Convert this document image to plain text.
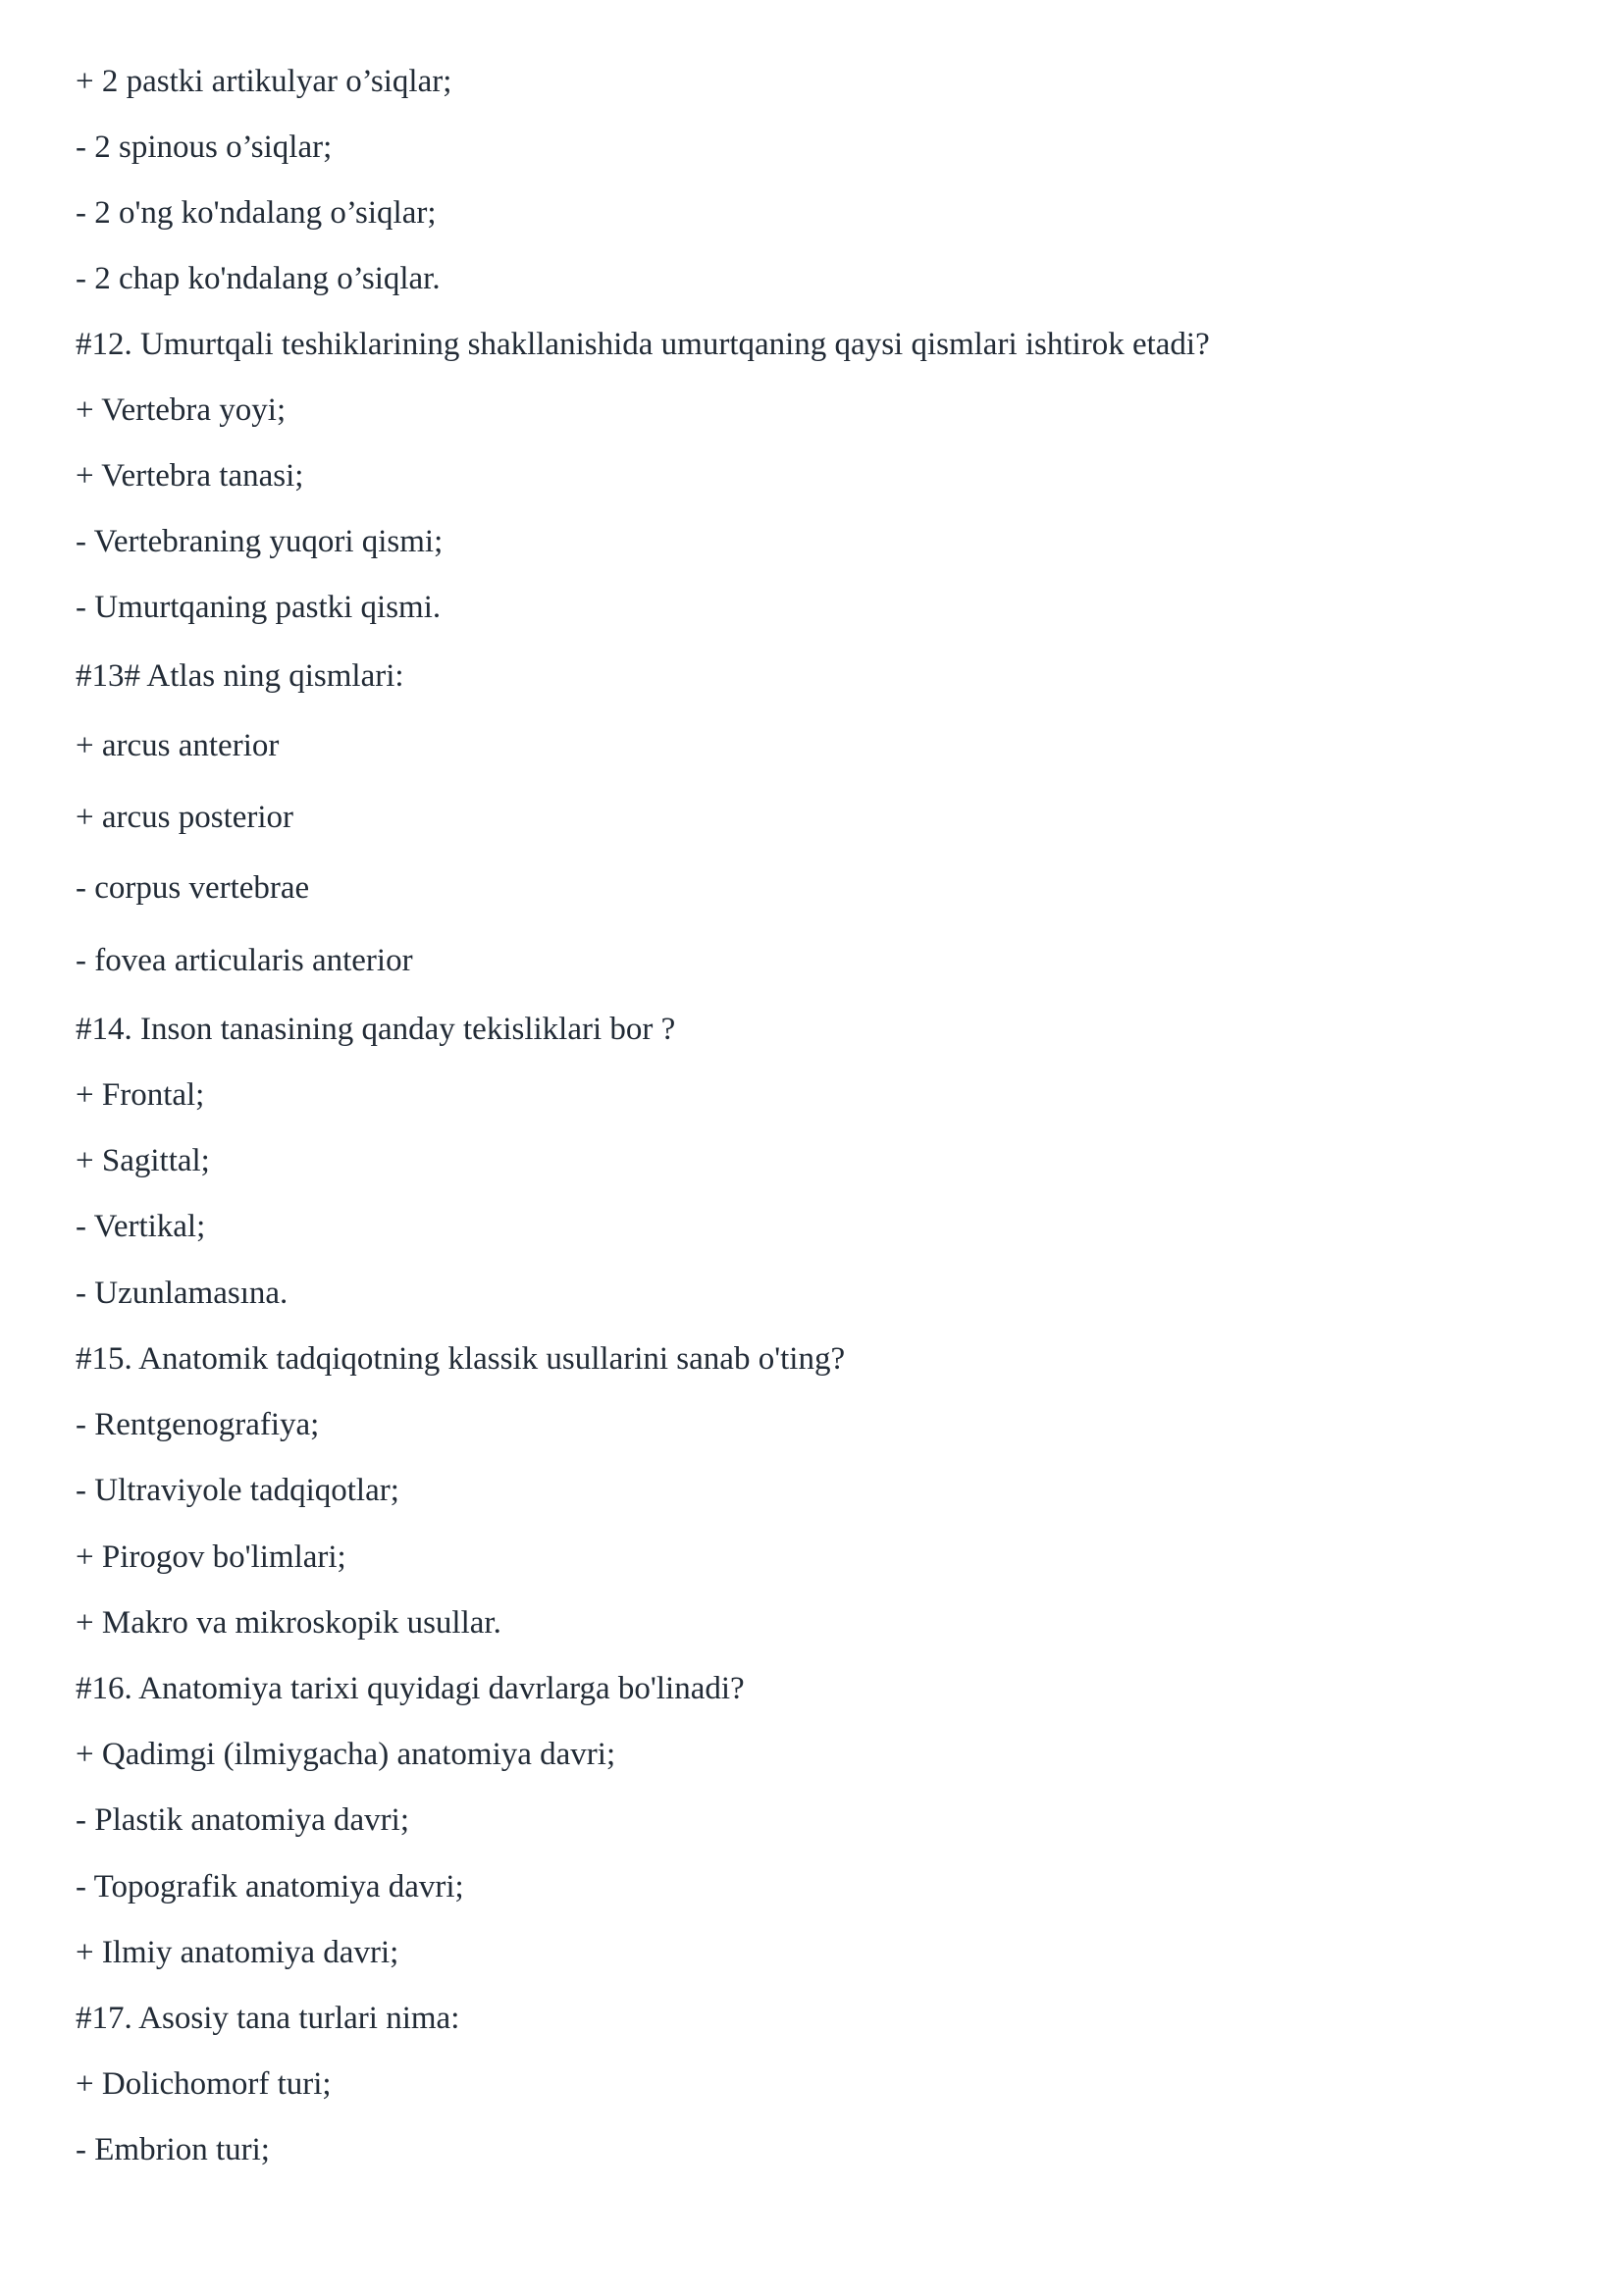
+ 2 pastki artikulyar o’siqlar;
- 2 spinous o’siqlar;
- 2 o'ng ko'ndalang o’siqlar;
- 2 chap ko'ndalang o’siqlar.
#12. Umurtqali teshiklarining shakllanishida umurtqaning qaysi qismlari ishtirok etadi?
+ Vertebra yoyi;
+ Vertebra tanasi;
- Vertebraning yuqori qismi;
- Umurtqaning pastki qismi.
#13# Atlas ning qismlari:
+ arcus anterior
+ arcus posterior
- corpus vertebrae
- fovea articularis anterior
#14. Inson tanasining qanday tekisliklari bor ?
+ Frontal;
+ Sagittal;
- Vertikal;
- Uzunlamasına.
#15. Anatomik tadqiqotning klassik usullarini sanab o'ting?
- Rentgenografiya;
- Ultraviyole tadqiqotlar;
+ Pirogov bo'limlari;
+ Makro va mikroskopik usullar.
#16. Anatomiya tarixi quyidagi davrlarga bo'linadi?
+ Qadimgi (ilmiygacha) anatomiya davri;
- Plastik anatomiya davri;
- Topografik anatomiya davri;
+ Ilmiy anatomiya davri;
#17. Asosiy tana turlari nima:
+ Dolichomorf turi;
- Embrion turi;
